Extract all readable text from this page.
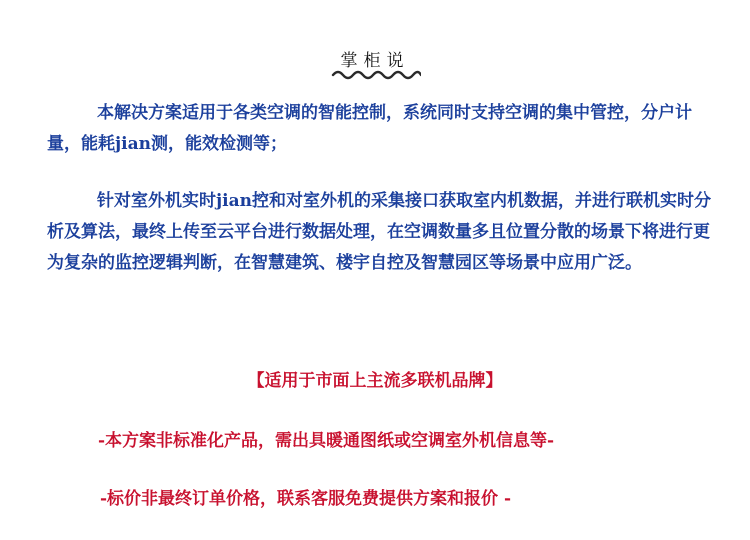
掌柜说

本解决方案适用于各类空调的智能控制，系统同时支持空调的集中管控，分户计量，能耗jian测，能效检测等；

针对室外机实时jian控和对室外机的采集接口获取室内机数据，并进行联机实时分析及算法，最终上传至云平台进行数据处理，在空调数量多且位置分散的场景下将进行更为复杂的监控逻辑判断，在智慧建筑、楼宇自控及智慧园区等场景中应用广泛。

【适用于市面上主流多联机品牌】

-本方案非标准化产品，需出具暖通图纸或空调室外机信息等-

-标价非最终订单价格，联系客服免费提供方案和报价 -
